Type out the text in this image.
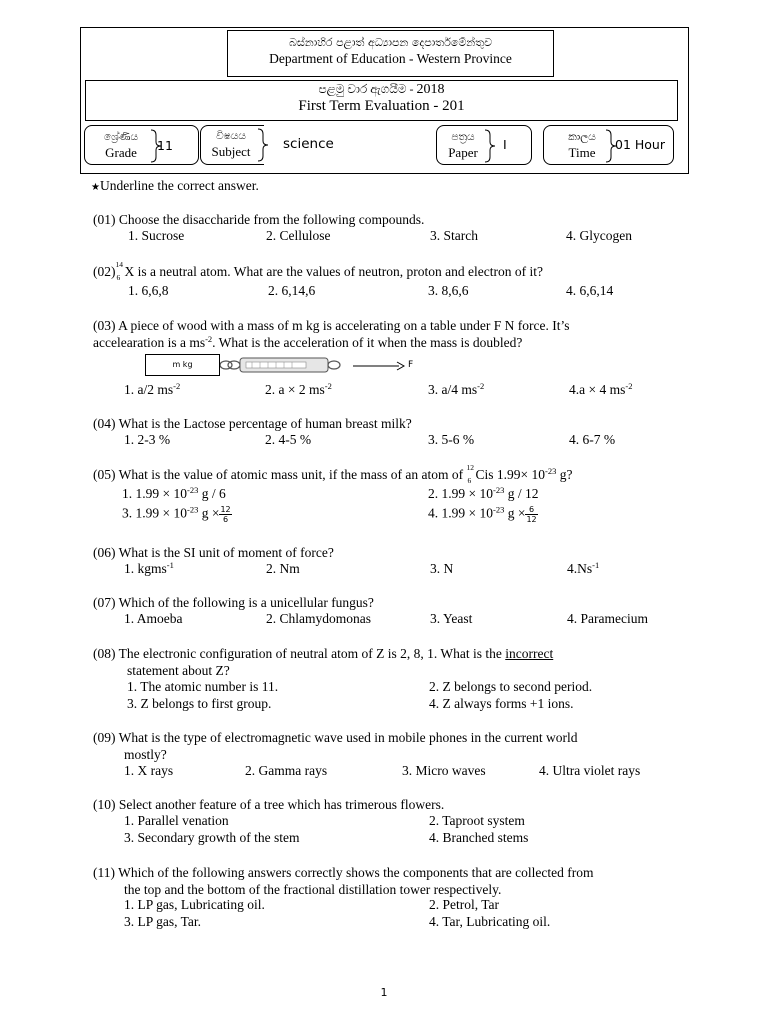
බස්නාහිර පළාත් අධ්‍යාපන දෙපාර්තමේන්තුව
Department of Education - Western Province
පළමු වාර ඇගයීම - 2018
First Term Evaluation - 201
ශ්‍රේණිය
Grade	11
විෂයය
Subject	science	පත්‍රය
Paper
I	කාලය
Time
01 Hour
★Underline the correct answer.
(01) Choose the disaccharide from the following compounds.
1. Sucrose	2. Cellulose	3. Starch	4. Glycogen
(02) 14
6 X is a neutral atom. What are the values of neutron, proton and electron of it?
1. 6,6,8	2. 6,14,6	3. 8,6,6	4. 6,6,14
(03) A piece of wood with a mass of m kg is accelerating on a table under F N force. It’s
accelearation is a $ms^{-2}$. What is the acceleration of it when the mass is doubled?
m kg	F
1. a/2 $ms^{-2}$	2. a × 2 $ms^{-2}$	3. a/4 $ms^{-2}$	4.a × 4 $ms^{-2}$
(04) What is the Lactose percentage of human breast milk?
1. 2-3 %	2. 4-5 %	3. 5-6 %	4. 6-7 %
(05) What is the value of atomic mass unit, if the mass of an atom of 12
6 Cis $1.99\times 10^{-23}$ g?
1. $1.99 \times 10^{-23}$ g / 6	2. $1.99 \times 10^{-23}$ g / 12
3. $1.99 \times 10^{-23}$ $g \times \frac{12}{6}$	4. $1.99 \times 10^{-23}$ $g \times \frac{6}{12}$
(06) What is the SI unit of moment of force?
1. kgms$^{-1}$	2. Nm	3. N	$4.Ns^{-1}$
(07) Which of the following is a unicellular fungus?
1. Amoeba	2. Chlamydomonas	3. Yeast	4. Paramecium
(08) The electronic configuration of neutral atom of Z is 2, 8, 1. What is the incorrect
statement about Z?
1. The atomic number is 11.	2. Z belongs to second period.
3. Z belongs to first group.	4. Z always forms +1 ions.
(09) What is the type of electromagnetic wave used in mobile phones in the current world
mostly?
1. X rays	2. Gamma rays	3. Micro waves	4. Ultra violet rays
(10) Select another feature of a tree which has trimerous flowers.
1. Parallel venation	2. Taproot system
3. Secondary growth of the stem	4. Branched stems
(11) Which of the following answers correctly shows the components that are collected from
the top and the bottom of the fractional distillation tower respectively.
1. LP gas, Lubricating oil.	2. Petrol, Tar
3. LP gas, Tar.	4. Tar, Lubricating oil.
1
